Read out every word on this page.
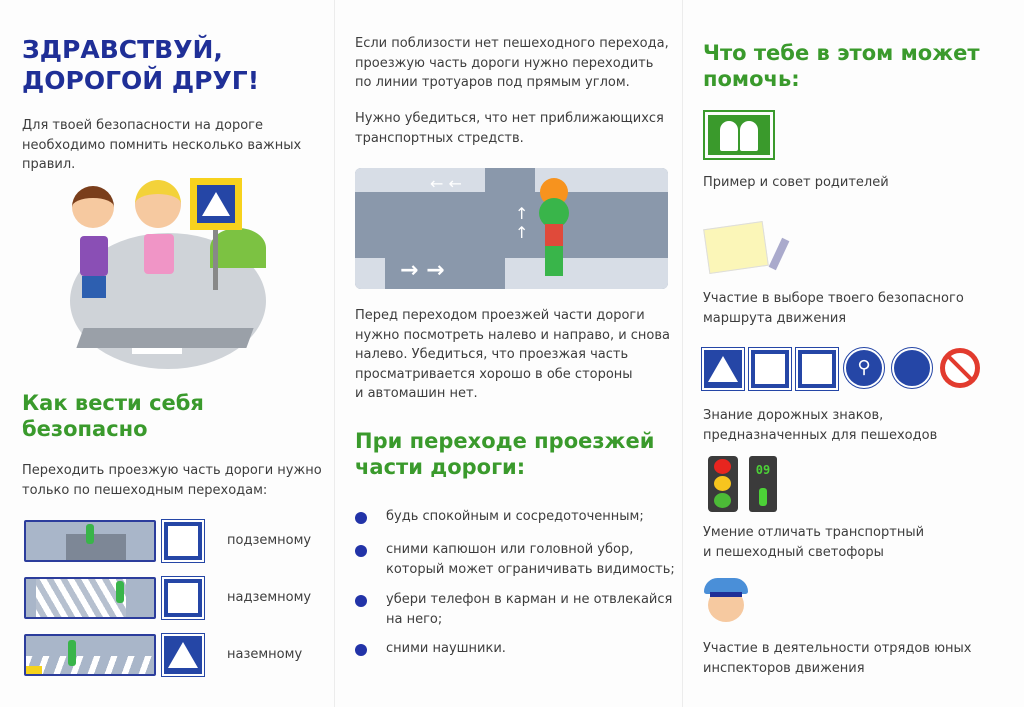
ЗДРАВСТВУЙ,
ДОРОГОЙ ДРУГ!
Для твоей безопасности на дороге
необходимо помнить несколько важных
правил.
Как вести себя
безопасно
Переходить проезжую часть дороги нужно
только по пешеходным переходам:
подземному
надземному
наземному
Если поблизости нет пешеходного перехода,
проезжую часть дороги нужно переходить
по линии тротуаров под прямым углом.
Нужно убедиться, что нет приближающихся
транспортных стредств.
← ←
→ →
↑
↑
Перед переходом проезжей части дороги
нужно посмотреть налево и направо, и снова
налево. Убедиться, что проезжая часть
просматривается хорошо в обе стороны
и автомашин нет.
При переходе проезжей
части дороги:
будь спокойным и сосредоточенным;
сними капюшон или головной убор,
который может ограничивать видимость;
убери телефон в карман и не отвлекайся
на него;
сними наушники.
Что тебе в этом может
помочь:
Пример и совет родителей
Участие в выборе твоего безопасного
маршрута движения
⚲
Знание дорожных знаков,
предназначенных для пешеходов
09
Умение отличать транспортный
и пешеходный светофоры
Участие в деятельности отрядов юных
инспекторов движения
